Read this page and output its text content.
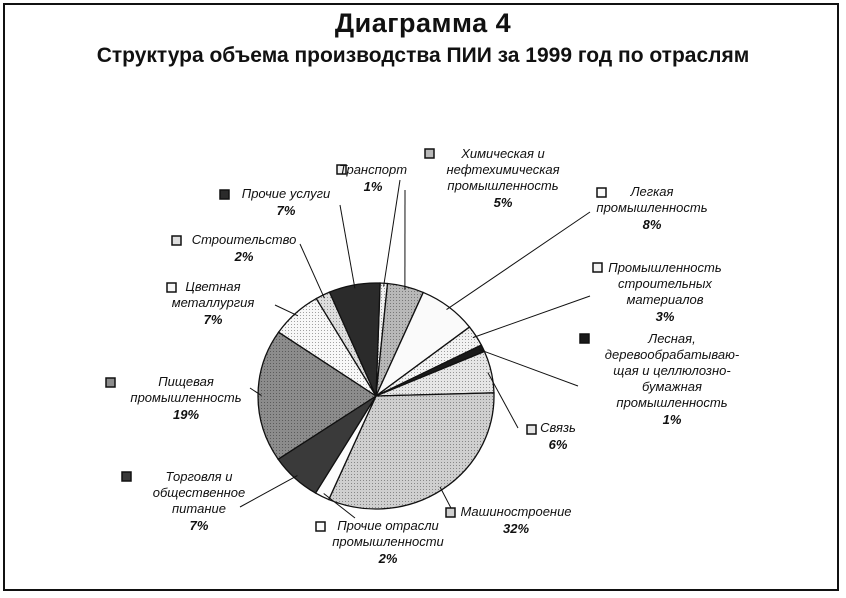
Диаграмма 4
Структура объема производства ПИИ за 1999 год по отраслям
Транспорт 1%
Химическая и нефтехимическая промышленность 5%
Легкая промышленность 8%
Промышленность строительных материалов 3%
Лесная, деревообрабатываю-щая и целлюлозно-бумажная промышленность 1%
Связь 6%
Машиностроение 32%
Прочие отрасли промышленности 2%
Торговля и общественное питание 7%
Пищевая промышленность 19%
Цветная металлургия 7%
Строительство 2%
Прочие услуги 7%
